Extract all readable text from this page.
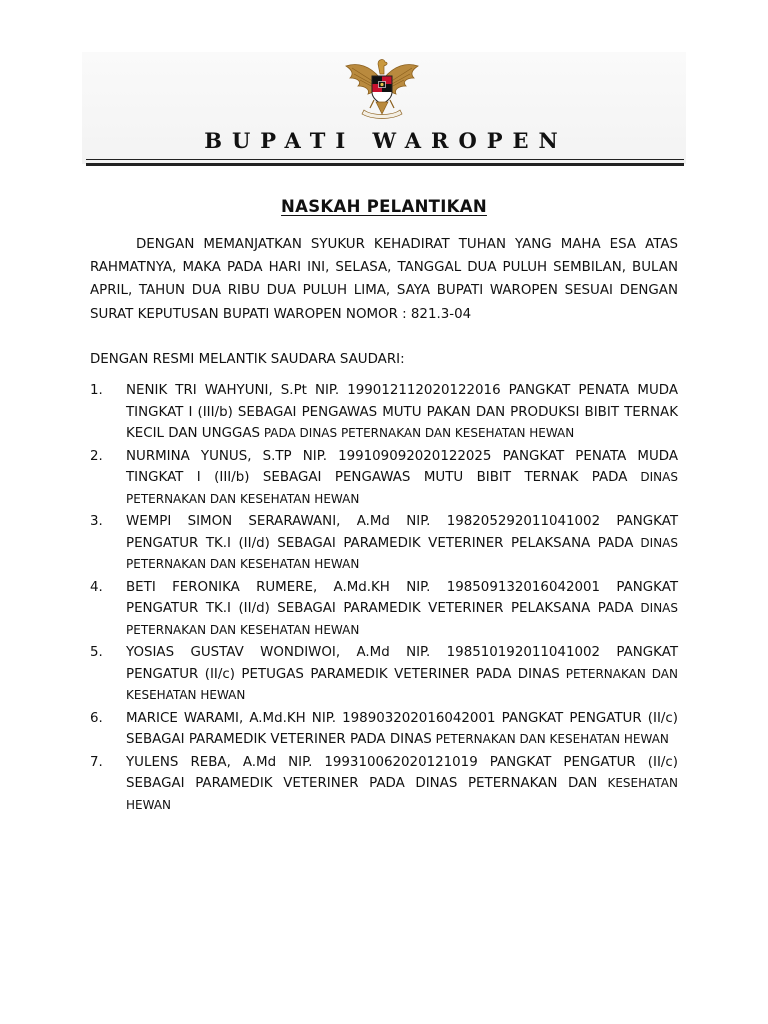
BUPATI WAROPEN
NASKAH PELANTIKAN

DENGAN MEMANJATKAN SYUKUR KEHADIRAT TUHAN YANG MAHA ESA ATAS RAHMATNYA, MAKA PADA HARI INI, SELASA, TANGGAL DUA PULUH SEMBILAN, BULAN APRIL, TAHUN DUA RIBU DUA PULUH LIMA, SAYA BUPATI WAROPEN SESUAI DENGAN SURAT KEPUTUSAN BUPATI WAROPEN NOMOR : 821.3-04

DENGAN RESMI MELANTIK SAUDARA SAUDARI:

1. NENIK TRI WAHYUNI, S.Pt NIP. 199012112020122016 PANGKAT PENATA MUDA TINGKAT I (III/b) SEBAGAI PENGAWAS MUTU PAKAN DAN PRODUKSI BIBIT TERNAK KECIL DAN UNGGAS PADA DINAS PETERNAKAN DAN KESEHATAN HEWAN
2. NURMINA YUNUS, S.TP NIP. 199109092020122025 PANGKAT PENATA MUDA TINGKAT I (III/b) SEBAGAI PENGAWAS MUTU BIBIT TERNAK PADA DINAS PETERNAKAN DAN KESEHATAN HEWAN
3. WEMPI SIMON SERARAWANI, A.Md NIP. 198205292011041002 PANGKAT PENGATUR TK.I (II/d) SEBAGAI PARAMEDIK VETERINER PELAKSANA PADA DINAS PETERNAKAN DAN KESEHATAN HEWAN
4. BETI FERONIKA RUMERE, A.Md.KH NIP. 198509132016042001 PANGKAT PENGATUR TK.I (II/d) SEBAGAI PARAMEDIK VETERINER PELAKSANA PADA DINAS PETERNAKAN DAN KESEHATAN HEWAN
5. YOSIAS GUSTAV WONDIWOI, A.Md NIP. 198510192011041002 PANGKAT PENGATUR (II/c) PETUGAS PARAMEDIK VETERINER PADA DINAS PETERNAKAN DAN KESEHATAN HEWAN
6. MARICE WARAMI, A.Md.KH NIP. 198903202016042001 PANGKAT PENGATUR (II/c) SEBAGAI PARAMEDIK VETERINER PADA DINAS PETERNAKAN DAN KESEHATAN HEWAN
7. YULENS REBA, A.Md NIP. 199310062020121019 PANGKAT PENGATUR (II/c) SEBAGAI PARAMEDIK VETERINER PADA DINAS PETERNAKAN DAN KESEHATAN HEWAN
